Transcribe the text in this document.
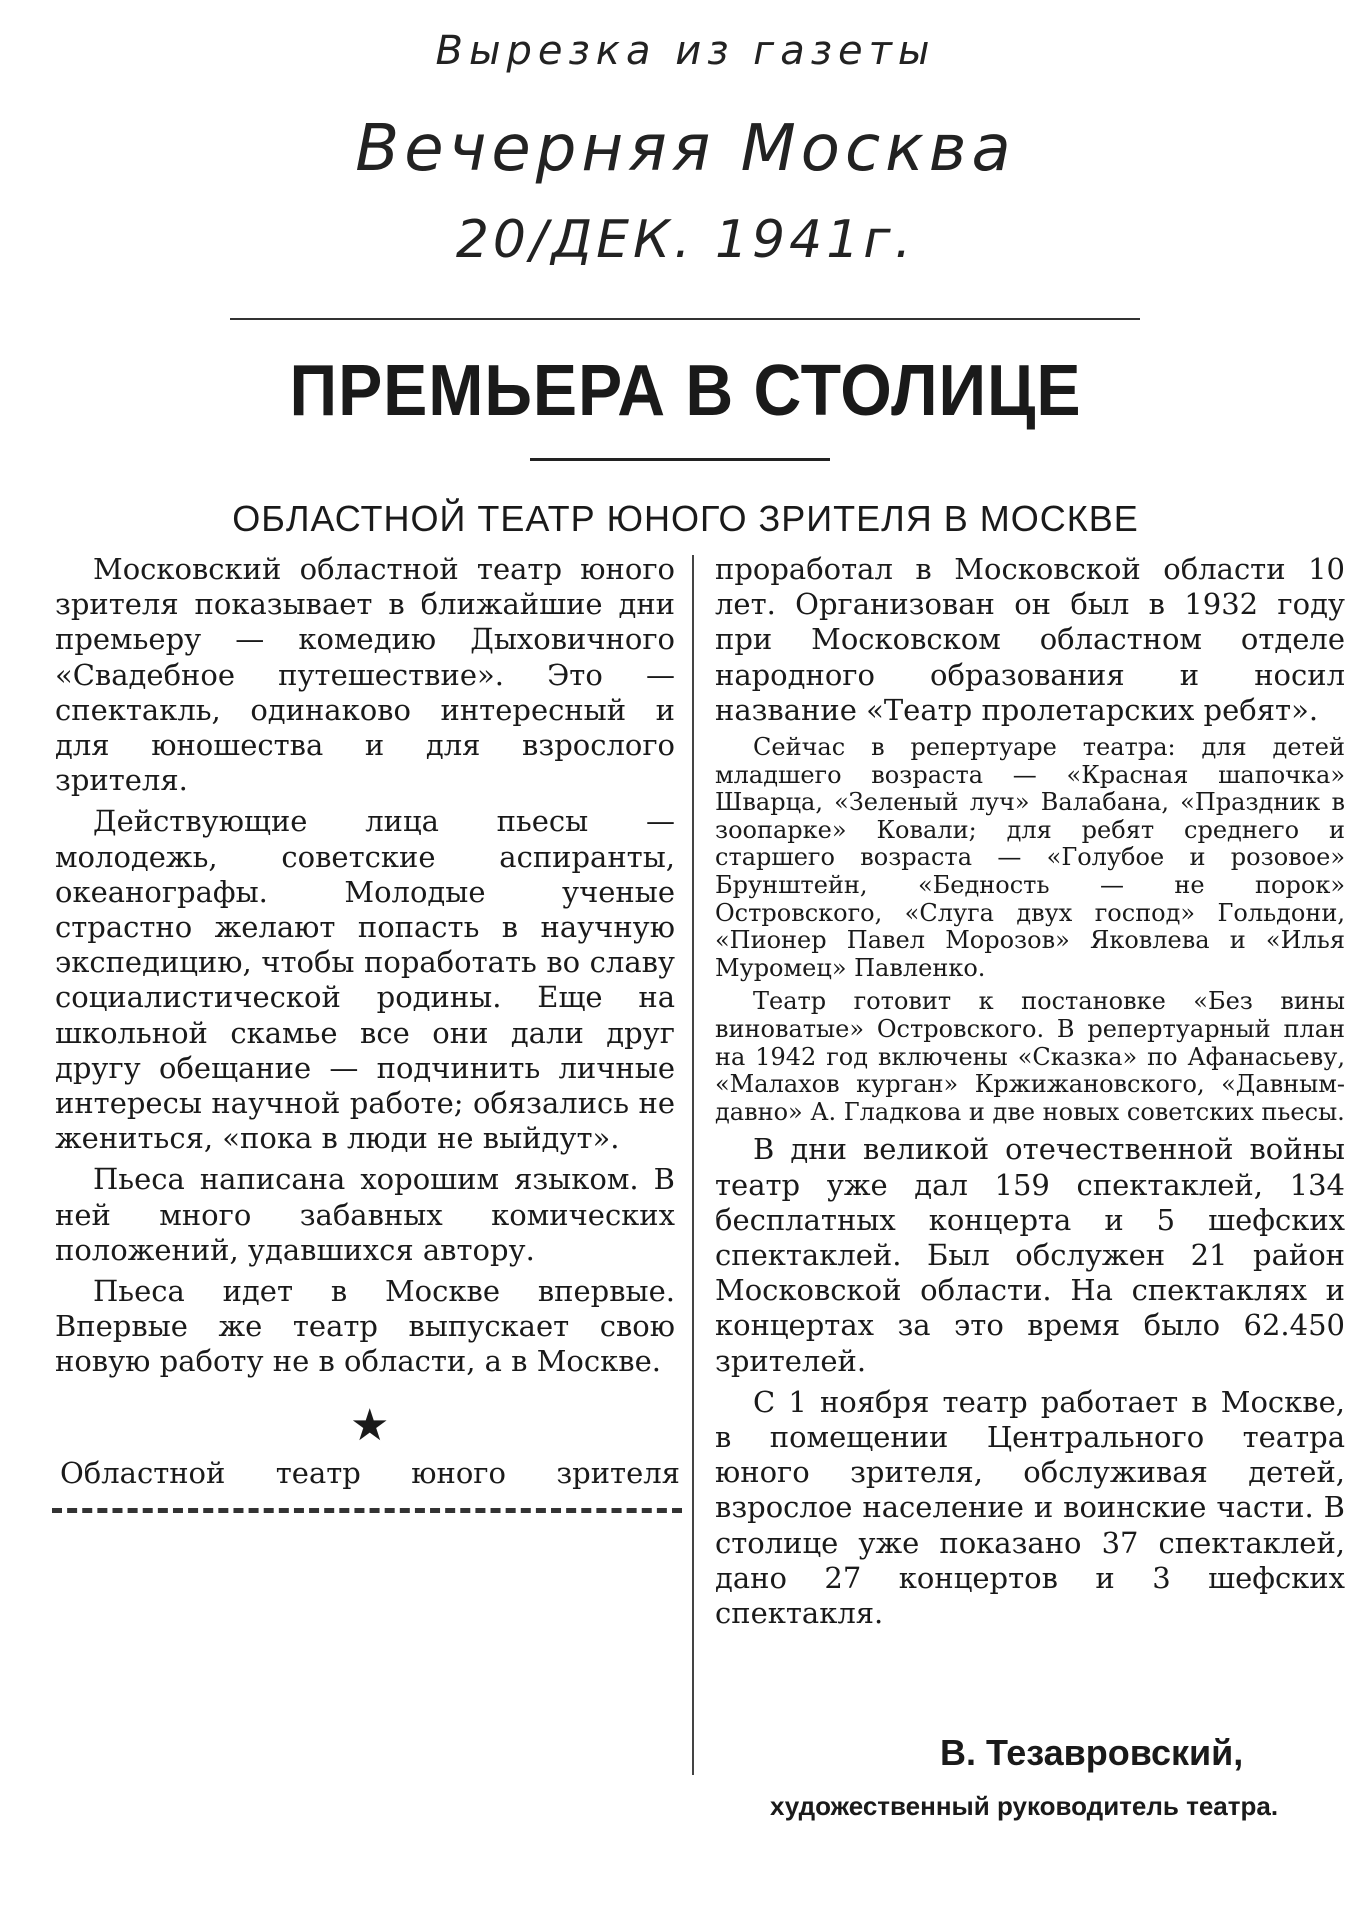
Вырезка из газеты
Вечерняя Москва
20/ДЕК. 1941г.
ПРЕМЬЕРА В СТОЛИЦЕ
ОБЛАСТНОЙ ТЕАТР ЮНОГО ЗРИТЕЛЯ В МОСКВЕ

Московский областной театр юного зрителя показывает в ближайшие дни премьеру — комедию Дыховичного «Свадебное путешествие». Это — спектакль, одинаково интересный и для юношества и для взрослого зрителя.

Действующие лица пьесы — молодежь, советские аспиранты, океанографы. Молодые ученые страстно желают попасть в научную экспедицию, чтобы поработать во славу социалистической родины. Еще на школьной скамье все они дали друг другу обещание — подчинить личные интересы научной работе; обязались не жениться, «пока в люди не выйдут».

Пьеса написана хорошим языком. В ней много забавных комических положений, удавшихся автору.

Пьеса идет в Москве впервые. Впервые же театр выпускает свою новую работу не в области, а в Москве.

★
Областной театр юного зрителя

проработал в Московской области 10 лет. Организован он был в 1932 году при Московском областном отделе народного образования и носил название «Театр пролетарских ребят».

Сейчас в репертуаре театра: для детей младшего возраста — «Красная шапочка» Шварца, «Зеленый луч» Валабана, «Праздник в зоопарке» Ковали; для ребят среднего и старшего возраста — «Голубое и розовое» Брунштейн, «Бедность — не порок» Островского, «Слуга двух господ» Гольдони, «Пионер Павел Морозов» Яковлева и «Илья Муромец» Павленко.

Театр готовит к постановке «Без вины виноватые» Островского. В репертуарный план на 1942 год включены «Сказка» по Афанасьеву, «Малахов курган» Кржижановского, «Давным-давно» А. Гладкова и две новых советских пьесы.

В дни великой отечественной войны театр уже дал 159 спектаклей, 134 бесплатных концерта и 5 шефских спектаклей. Был обслужен 21 район Московской области. На спектаклях и концертах за это время было 62.450 зрителей.

С 1 ноября театр работает в Москве, в помещении Центрального театра юного зрителя, обслуживая детей, взрослое население и воинские части. В столице уже показано 37 спектаклей, дано 27 концертов и 3 шефских спектакля.

В. Тезавровский,
художественный руководитель театра.
